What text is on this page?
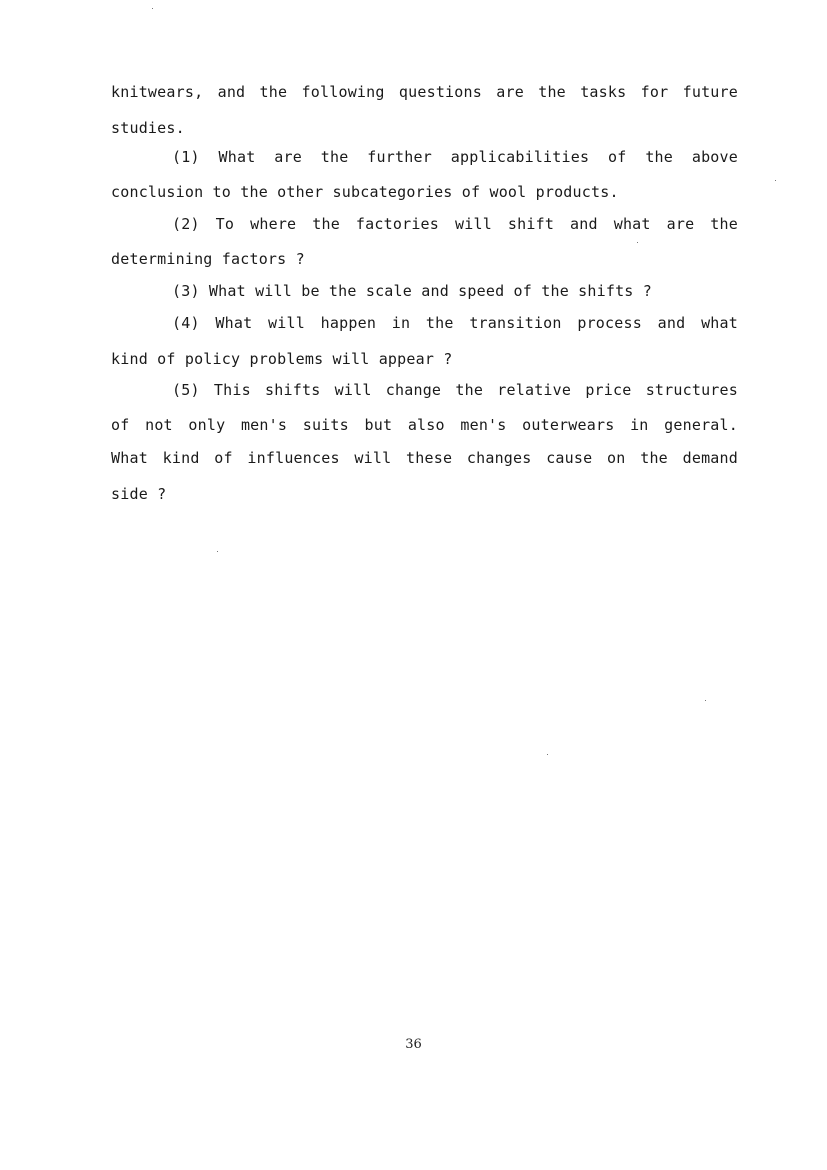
knitwears, and the following questions are the tasks for future
studies.
(1) What are the further applicabilities of the above
conclusion to the other subcategories of wool products.
(2) To where the factories will shift and what are the
determining factors ?
(3) What will be the scale and speed of the shifts ?
(4) What will happen in the transition process and what
kind of policy problems will appear ?
(5) This shifts will change the relative price structures
of not only men's suits but also men's outerwears in general.
What kind of influences will these changes cause on the demand
side ?
36
